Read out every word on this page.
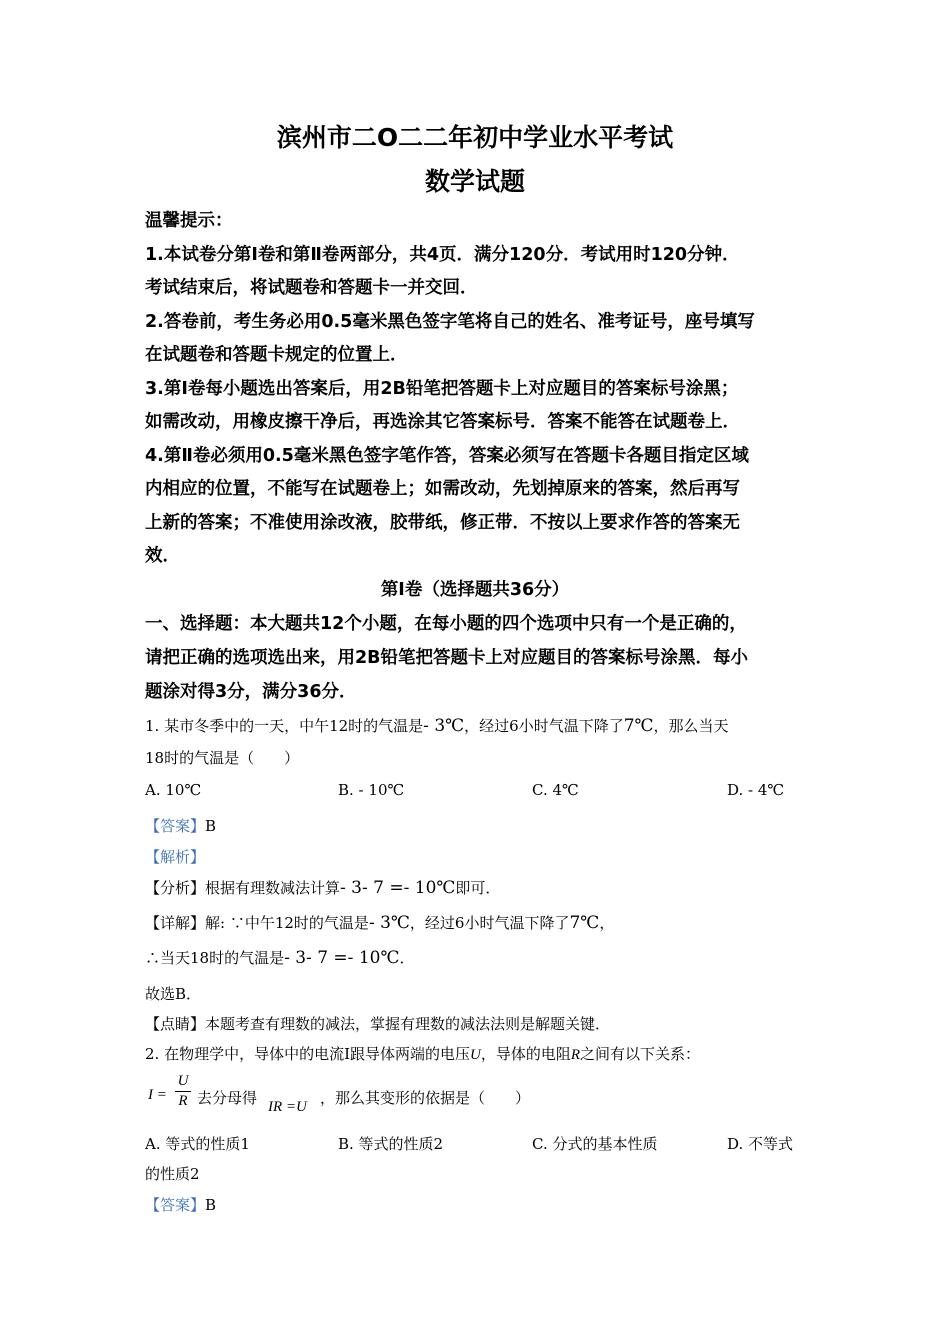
滨州市二O二二年初中学业水平考试
数学试题
温馨提示：
1.本试卷分第Ⅰ卷和第Ⅱ卷两部分，共4页．满分120分．考试用时120分钟．
考试结束后，将试题卷和答题卡一并交回．
2.答卷前，考生务必用0.5毫米黑色签字笔将自己的姓名、准考证号，座号填写
在试题卷和答题卡规定的位置上．
3.第Ⅰ卷每小题选出答案后，用2B铅笔把答题卡上对应题目的答案标号涂黑；
如需改动，用橡皮擦干净后，再选涂其它答案标号．答案不能答在试题卷上．
4.第Ⅱ卷必须用0.5毫米黑色签字笔作答，答案必须写在答题卡各题目指定区域
内相应的位置，不能写在试题卷上；如需改动，先划掉原来的答案，然后再写
上新的答案；不准使用涂改液，胶带纸，修正带．不按以上要求作答的答案无
效．
第Ⅰ卷（选择题共36分）
一、选择题：本大题共12个小题，在每小题的四个选项中只有一个是正确的，
请把正确的选项选出来，用2B铅笔把答题卡上对应题目的答案标号涂黑．每小
题涂对得3分，满分36分．
1. 某市冬季中的一天，中午12时的气温是- 3℃，经过6小时气温下降了7℃，那么当天
18时的气温是（　　）
A. 10℃	B. - 10℃	C. 4℃	D. - 4℃
【答案】B
【解析】
【分析】根据有理数减法计算- 3- 7 =- 10℃即可．
【详解】解: ∵中午12时的气温是- 3℃，经过6小时气温下降了7℃，
∴当天18时的气温是- 3- 7 =- 10℃．
故选B．
【点睛】本题考查有理数的减法，掌握有理数的减法法则是解题关键．
2. 在物理学中，导体中的电流Ⅰ跟导体两端的电压U，导体的电阻R之间有以下关系：
I =
U
R 去分母得 IR =U ，那么其变形的依据是（　　）
A. 等式的性质1	B. 等式的性质2	C. 分式的基本性质	D. 不等式
的性质2
【答案】B
